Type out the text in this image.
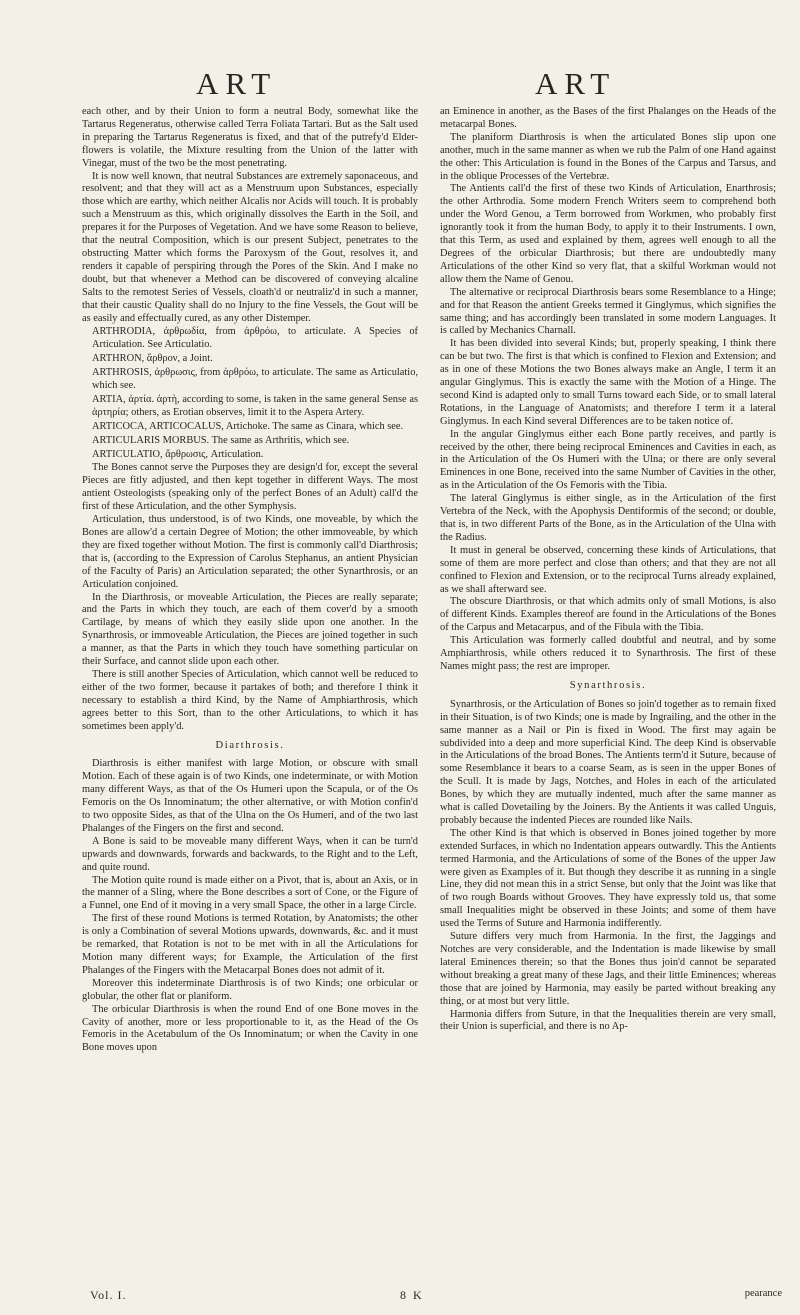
ART	ART

each other, and by their Union to form a neutral Body, somewhat like the Tartarus Regeneratus, otherwise called Terra Foliata Tartari. But as the Salt used in preparing the Tartarus Regeneratus is fixed, and that of the putrefy'd Elder-flowers is volatile, the Mixture resulting from the Union of the latter with Vinegar, must of the two be the most penetrating.

It is now well known, that neutral Substances are extremely saponaceous, and resolvent; and that they will act as a Menstruum upon Substances, especially those which are earthy, which neither Alcalis nor Acids will touch. It is probably such a Menstruum as this, which originally dissolves the Earth in the Soil, and prepares it for the Purposes of Vegetation. And we have some Reason to believe, that the neutral Composition, which is our present Subject, penetrates to the obstructing Matter which forms the Paroxysm of the Gout, resolves it, and renders it capable of perspiring through the Pores of the Skin. And I make no doubt, but that whenever a Method can be discovered of conveying alcaline Salts to the remotest Series of Vessels, cloath'd or neutraliz'd in such a manner, that their caustic Quality shall do no Injury to the fine Vessels, the Gout will be as easily and effectually cured, as any other Distemper.

ARTHRODIA, ἀρθρωδία, from ἀρθρόω, to articulate. A Species of Articulation. See Articulatio.

ARTHRON, ἄρθρον, a Joint.

ARTHROSIS, ἀρθρωσις, from ἀρθρόω, to articulate. The same as Articulatio, which see.

ARTIA, ἀρτία. ἀρτὴ, according to some, is taken in the same general Sense as ἀρτηρία; others, as Erotian observes, limit it to the Aspera Artery.

ARTICOCA, ARTICOCALUS, Artichoke. The same as Cinara, which see.

ARTICULARIS MORBUS. The same as Arthritis, which see.

ARTICULATIO, ἄρθρωσις, Articulation.

The Bones cannot serve the Purposes they are design'd for, except the several Pieces are fitly adjusted, and then kept together in different Ways. The most antient Osteologists (speaking only of the perfect Bones of an Adult) call'd the first of these Articulation, and the other Symphysis.

Articulation, thus understood, is of two Kinds, one moveable, by which the Bones are allow'd a certain Degree of Motion; the other immoveable, by which they are fixed together without Motion. The first is commonly call'd Diarthrosis; that is, (according to the Expression of Carolus Stephanus, an antient Physician of the Faculty of Paris) an Articulation separated; the other Synarthrosis, or an Articulation conjoined.

In the Diarthrosis, or moveable Articulation, the Pieces are really separate; and the Parts in which they touch, are each of them cover'd by a smooth Cartilage, by means of which they easily slide upon one another. In the Synarthrosis, or immoveable Articulation, the Pieces are joined together in such a manner, as that the Parts in which they touch have something particular on their Surface, and cannot slide upon each other.

There is still another Species of Articulation, which cannot well be reduced to either of the two former, because it partakes of both; and therefore I think it necessary to establish a third Kind, by the Name of Amphiarthrosis, which agrees better to this Sort, than to the other Articulations, to which it has sometimes been apply'd.

Diarthrosis.

Diarthrosis is either manifest with large Motion, or obscure with small Motion. Each of these again is of two Kinds, one indeterminate, or with Motion many different Ways, as that of the Os Humeri upon the Scapula, or of the Os Femoris on the Os Innominatum; the other alternative, or with Motion confin'd to two opposite Sides, as that of the Ulna on the Os Humeri, and of the two last Phalanges of the Fingers on the first and second.

A Bone is said to be moveable many different Ways, when it can be turn'd upwards and downwards, forwards and backwards, to the Right and to the Left, and quite round.

The Motion quite round is made either on a Pivot, that is, about an Axis, or in the manner of a Sling, where the Bone describes a sort of Cone, or the Figure of a Funnel, one End of it moving in a very small Space, the other in a large Circle.

The first of these round Motions is termed Rotation, by Anatomists; the other is only a Combination of several Motions upwards, downwards, &c. and it must be remarked, that Rotation is not to be met with in all the Articulations for Motion many different ways; for Example, the Articulation of the first Phalanges of the Fingers with the Metacarpal Bones does not admit of it.

Moreover this indeterminate Diarthrosis is of two Kinds; one orbicular or globular, the other flat or planiform.

The orbicular Diarthrosis is when the round End of one Bone moves in the Cavity of another, more or less proportionable to it, as the Head of the Os Femoris in the Acetabulum of the Os Innominatum; or when the Cavity in one Bone moves upon

an Eminence in another, as the Bases of the first Phalanges on the Heads of the metacarpal Bones.

The planiform Diarthrosis is when the articulated Bones slip upon one another, much in the same manner as when we rub the Palm of one Hand against the other: This Articulation is found in the Bones of the Carpus and Tarsus, and in the oblique Processes of the Vertebræ.

The Antients call'd the first of these two Kinds of Articulation, Enarthrosis; the other Arthrodia. Some modern French Writers seem to comprehend both under the Word Genou, a Term borrowed from Workmen, who probably first ignorantly took it from the human Body, to apply it to their Instruments. I own, that this Term, as used and explained by them, agrees well enough to all the Degrees of the orbicular Diarthrosis; but there are undoubtedly many Articulations of the other Kind so very flat, that a skilful Workman would not allow them the Name of Genou.

The alternative or reciprocal Diarthrosis bears some Resemblance to a Hinge; and for that Reason the antient Greeks termed it Ginglymus, which signifies the same thing; and has accordingly been translated in some modern Languages. It is called by Mechanics Charnall.

It has been divided into several Kinds; but, properly speaking, I think there can be but two. The first is that which is confined to Flexion and Extension; and as in one of these Motions the two Bones always make an Angle, I term it an angular Ginglymus. This is exactly the same with the Motion of a Hinge. The second Kind is adapted only to small Turns toward each Side, or to small lateral Rotations, in the Language of Anatomists; and therefore I term it a lateral Ginglymus. In each Kind several Differences are to be taken notice of.

In the angular Ginglymus either each Bone partly receives, and partly is received by the other, there being reciprocal Eminences and Cavities in each, as in the Articulation of the Os Humeri with the Ulna; or there are only several Eminences in one Bone, received into the same Number of Cavities in the other, as in the Articulation of the Os Femoris with the Tibia.

The lateral Ginglymus is either single, as in the Articulation of the first Vertebra of the Neck, with the Apophysis Dentiformis of the second; or double, that is, in two different Parts of the Bone, as in the Articulation of the Ulna with the Radius.

It must in general be observed, concerning these kinds of Articulations, that some of them are more perfect and close than others; and that they are not all confined to Flexion and Extension, or to the reciprocal Turns already explained, as we shall afterward see.

The obscure Diarthrosis, or that which admits only of small Motions, is also of different Kinds. Examples thereof are found in the Articulations of the Bones of the Carpus and Metacarpus, and of the Fibula with the Tibia.

This Articulation was formerly called doubtful and neutral, and by some Amphiarthrosis, while others reduced it to Synarthrosis. The first of these Names might pass; the rest are improper.

Synarthrosis.

Synarthrosis, or the Articulation of Bones so join'd together as to remain fixed in their Situation, is of two Kinds; one is made by Ingrailing, and the other in the same manner as a Nail or Pin is fixed in Wood. The first may again be subdivided into a deep and more superficial Kind. The deep Kind is observable in the Articulations of the broad Bones. The Antients term'd it Suture, because of some Resemblance it bears to a coarse Seam, as is seen in the upper Bones of the Scull. It is made by Jags, Notches, and Holes in each of the articulated Bones, by which they are mutually indented, much after the same manner as what is called Dovetailing by the Joiners. By the Antients it was called Unguis, probably because the indented Pieces are rounded like Nails.

The other Kind is that which is observed in Bones joined together by more extended Surfaces, in which no Indentation appears outwardly. This the Antients termed Harmonia, and the Articulations of some of the Bones of the upper Jaw were given as Examples of it. But though they describe it as running in a single Line, they did not mean this in a strict Sense, but only that the Joint was like that of two rough Boards without Grooves. They have expressly told us, that some small Inequalities might be observed in these Joints; and some of them have used the Terms of Suture and Harmonia indifferently.

Suture differs very much from Harmonia. In the first, the Jaggings and Notches are very considerable, and the Indentation is made likewise by small lateral Eminences therein; so that the Bones thus join'd cannot be separated without breaking a great many of these Jags, and their little Eminences; whereas those that are joined by Harmonia, may easily be parted without breaking any thing, or at most but very little.

Harmonia differs from Suture, in that the Inequalities therein are very small, their Union is superficial, and there is no Ap-

Vol. I.	8 K	pearance
